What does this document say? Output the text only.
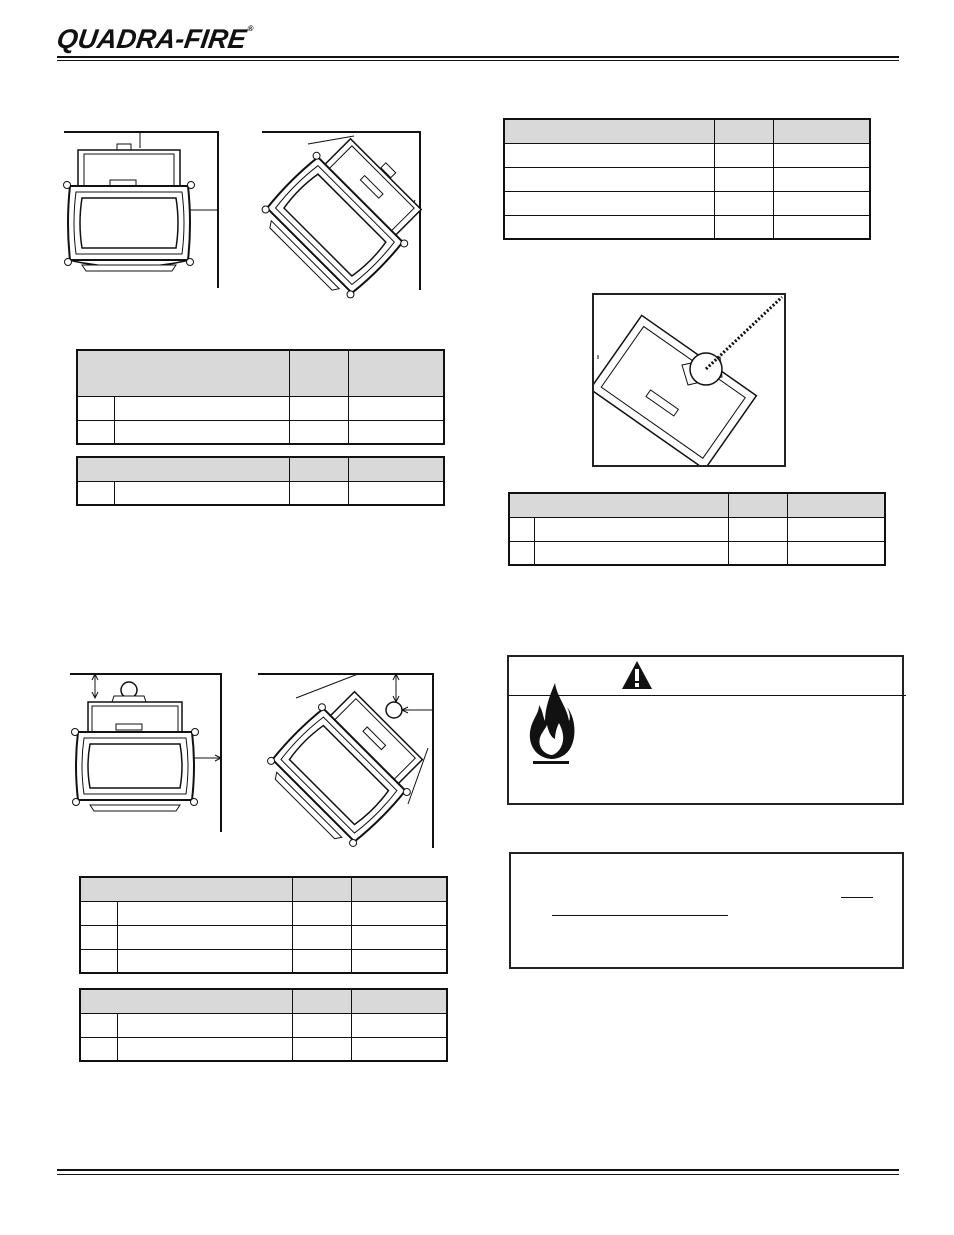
QUADRA-FIRE®
